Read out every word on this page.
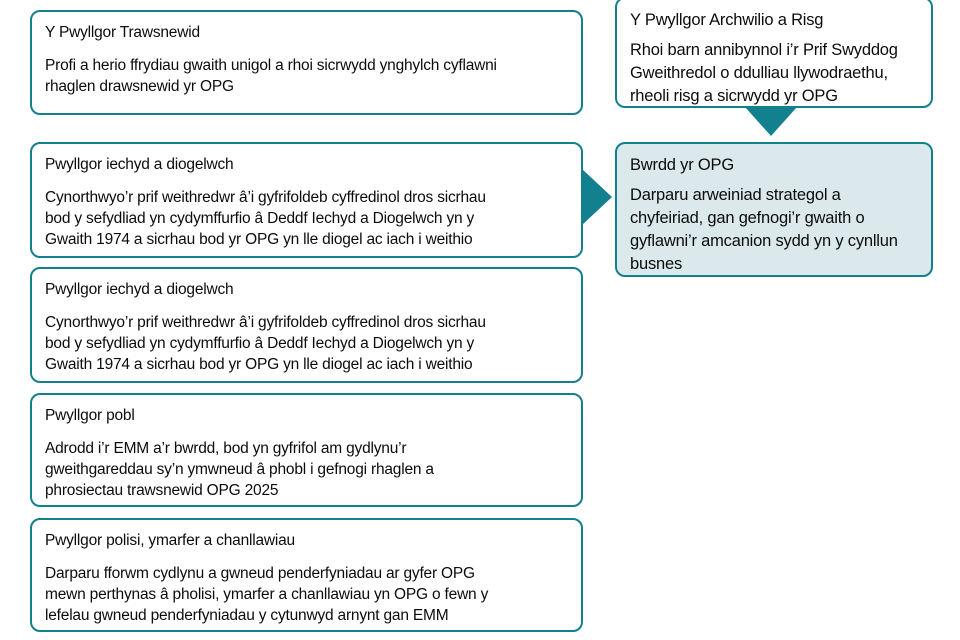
Y Pwyllgor Trawsnewid
Profi a herio ffrydiau gwaith unigol a rhoi sicrwydd ynghylch cyflawni
rhaglen drawsnewid yr OPG
Pwyllgor iechyd a diogelwch
Cynorthwyo’r prif weithredwr â’i gyfrifoldeb cyffredinol dros sicrhau
bod y sefydliad yn cydymffurfio â Deddf Iechyd a Diogelwch yn y
Gwaith 1974 a sicrhau bod yr OPG yn lle diogel ac iach i weithio
Pwyllgor iechyd a diogelwch
Cynorthwyo’r prif weithredwr â’i gyfrifoldeb cyffredinol dros sicrhau
bod y sefydliad yn cydymffurfio â Deddf Iechyd a Diogelwch yn y
Gwaith 1974 a sicrhau bod yr OPG yn lle diogel ac iach i weithio
Pwyllgor pobl
Adrodd i’r EMM a’r bwrdd, bod yn gyfrifol am gydlynu’r
gweithgareddau sy’n ymwneud â phobl i gefnogi rhaglen a
phrosiectau trawsnewid OPG 2025
Pwyllgor polisi, ymarfer a chanllawiau
Darparu fforwm cydlynu a gwneud penderfyniadau ar gyfer OPG
mewn perthynas â pholisi, ymarfer a chanllawiau yn OPG o fewn y
lefelau gwneud penderfyniadau y cytunwyd arnynt gan EMM
Y Pwyllgor Archwilio a Risg
Rhoi barn annibynnol i’r Prif Swyddog
Gweithredol o ddulliau llywodraethu,
rheoli risg a sicrwydd yr OPG
Bwrdd yr OPG
Darparu arweiniad strategol a
chyfeiriad, gan gefnogi’r gwaith o
gyflawni’r amcanion sydd yn y cynllun
busnes
